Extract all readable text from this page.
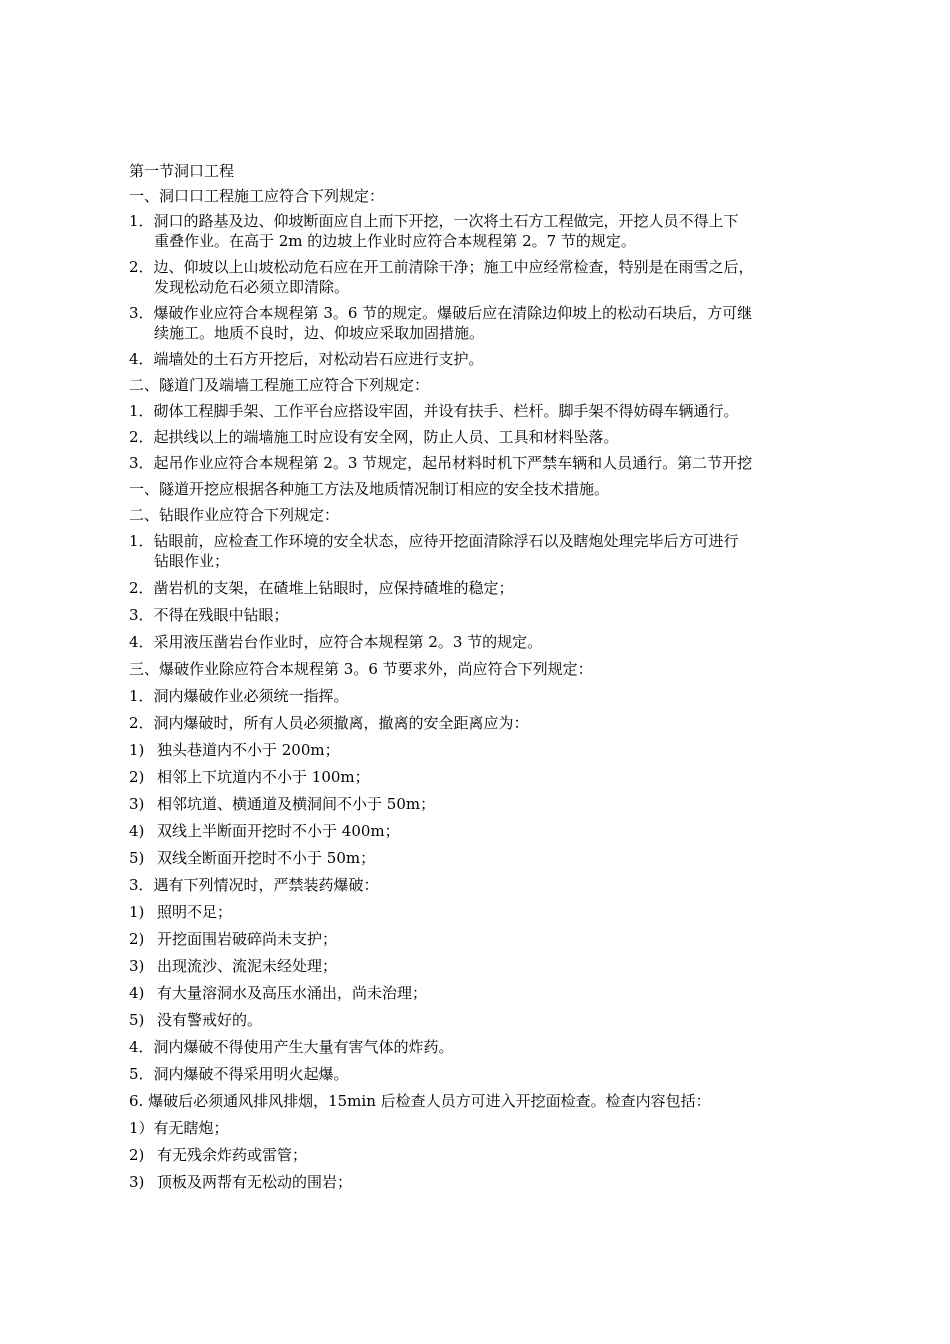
第一节洞口工程
一、洞口口工程施工应符合下列规定：
1．洞口的路基及边、仰坡断面应自上而下开挖，一次将土石方工程做完，开挖人员不得上下
重叠作业。在高于 2m 的边坡上作业时应符合本规程第 2。7 节的规定。
2．边、仰坡以上山坡松动危石应在开工前清除干净；施工中应经常检查，特别是在雨雪之后，
发现松动危石必须立即清除。
3．爆破作业应符合本规程第 3。6 节的规定。爆破后应在清除边仰坡上的松动石块后，方可继
续施工。地质不良时，边、仰坡应采取加固措施。
4．端墙处的土石方开挖后，对松动岩石应进行支护。
二、隧道门及端墙工程施工应符合下列规定：
1．砌体工程脚手架、工作平台应搭设牢固，并设有扶手、栏杆。脚手架不得妨碍车辆通行。
2．起拱线以上的端墙施工时应设有安全网，防止人员、工具和材料坠落。
3．起吊作业应符合本规程第 2。3 节规定，起吊材料时机下严禁车辆和人员通行。第二节开挖
一、隧道开挖应根据各种施工方法及地质情况制订相应的安全技术措施。
二、钻眼作业应符合下列规定：
1．钻眼前，应检查工作环境的安全状态，应待开挖面清除浮石以及瞎炮处理完毕后方可进行
钻眼作业；
2．凿岩机的支架，在碴堆上钻眼时，应保持碴堆的稳定；
3．不得在残眼中钻眼；
4．采用液压凿岩台作业时，应符合本规程第 2。3 节的规定。
三、爆破作业除应符合本规程第 3。6 节要求外，尚应符合下列规定：
1．洞内爆破作业必须统一指挥。
2．洞内爆破时，所有人员必须撤离，撤离的安全距离应为：
1) 独头巷道内不小于 200m；
2) 相邻上下坑道内不小于 100m；
3) 相邻坑道、横通道及横洞间不小于 50m；
4) 双线上半断面开挖时不小于 400m；
5) 双线全断面开挖时不小于 50m；
3．遇有下列情况时，严禁装药爆破：
1) 照明不足；
2) 开挖面围岩破碎尚未支护；
3) 出现流沙、流泥未经处理；
4) 有大量溶洞水及高压水涌出，尚未治理；
5) 没有警戒好的。
4．洞内爆破不得使用产生大量有害气体的炸药。
5．洞内爆破不得采用明火起爆。
6. 爆破后必须通风排风排烟，15min 后检查人员方可进入开挖面检查。检查内容包括：
1）有无瞎炮；
2) 有无残余炸药或雷管；
3) 顶板及两帮有无松动的围岩；
